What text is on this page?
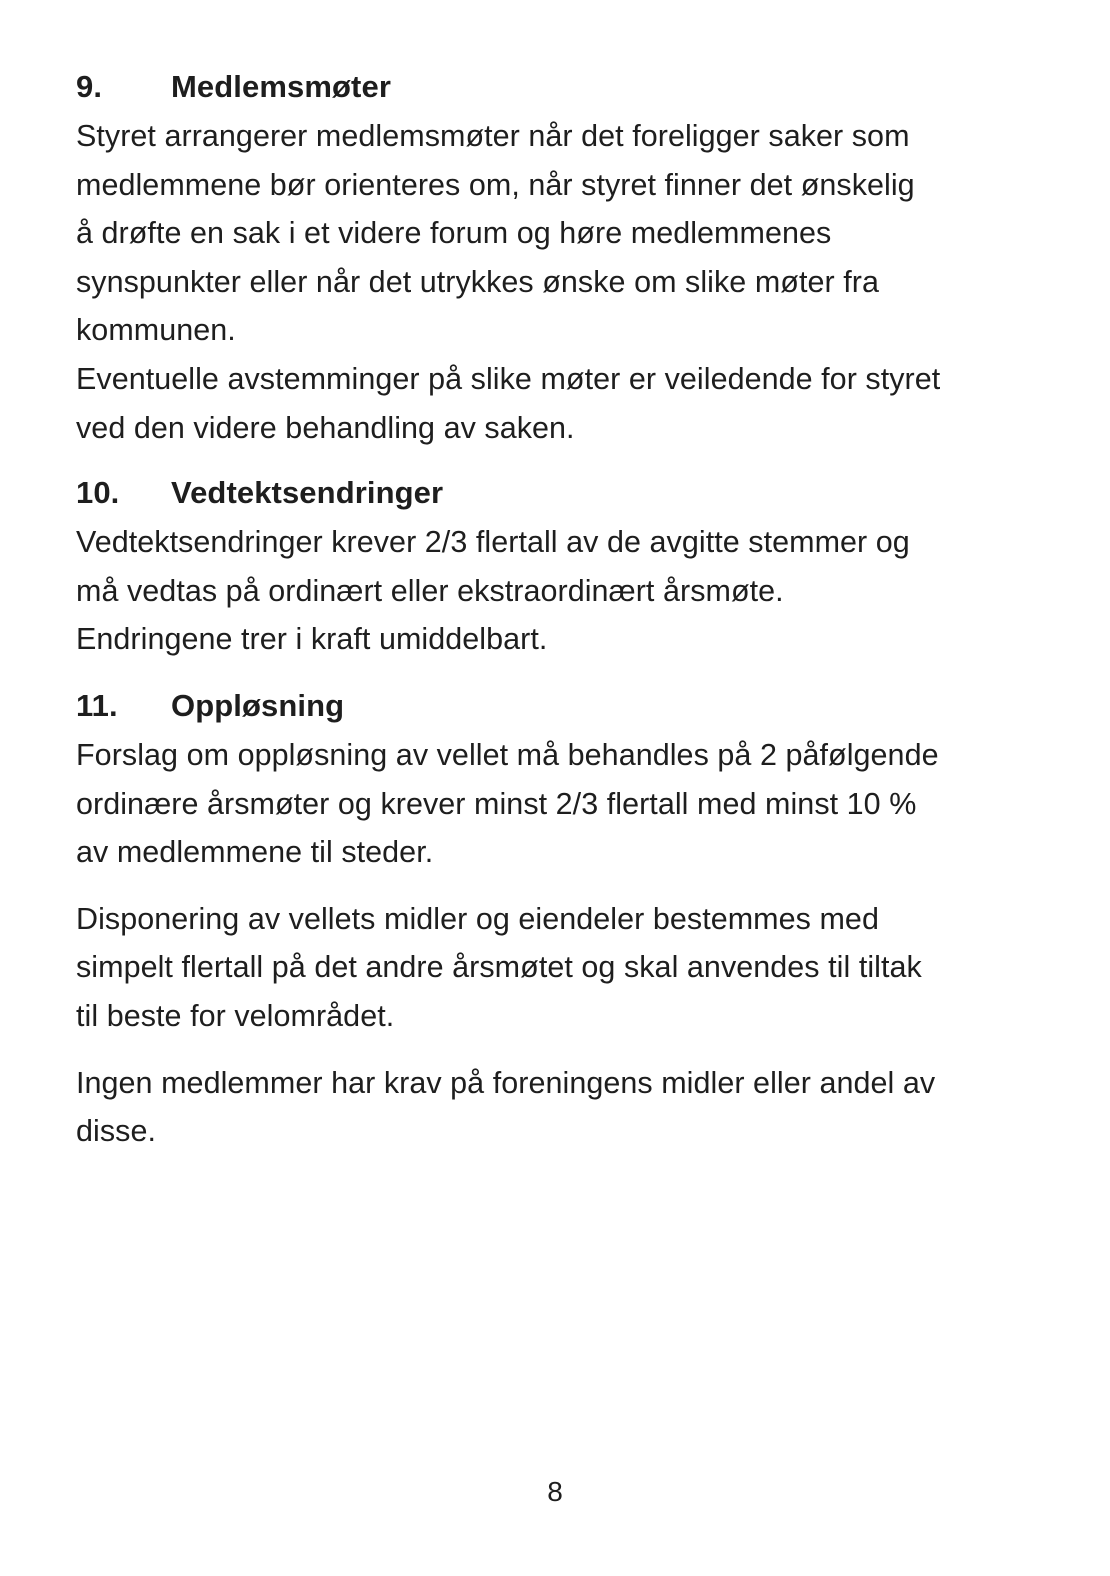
9.	Medlemsmøter
Styret arrangerer medlemsmøter når det foreligger saker som
medlemmene bør orienteres om, når styret finner det ønskelig
å drøfte en sak i et videre forum og høre medlemmenes
synspunkter eller når det utrykkes ønske om slike møter fra
kommunen.
Eventuelle avstemminger på slike møter er veiledende for styret
ved den videre behandling av saken.
10.	Vedtektsendringer
Vedtektsendringer krever 2/3 flertall av de avgitte stemmer og
må vedtas på ordinært eller ekstraordinært årsmøte.
Endringene trer i kraft umiddelbart.
11.	Oppløsning
Forslag om oppløsning av vellet må behandles på 2 påfølgende
ordinære årsmøter og krever minst 2/3 flertall med minst 10 %
av medlemmene til steder.
Disponering av vellets midler og eiendeler bestemmes med
simpelt flertall på det andre årsmøtet og skal anvendes til tiltak
til beste for velområdet.
Ingen medlemmer har krav på foreningens midler eller andel av
disse.
8
